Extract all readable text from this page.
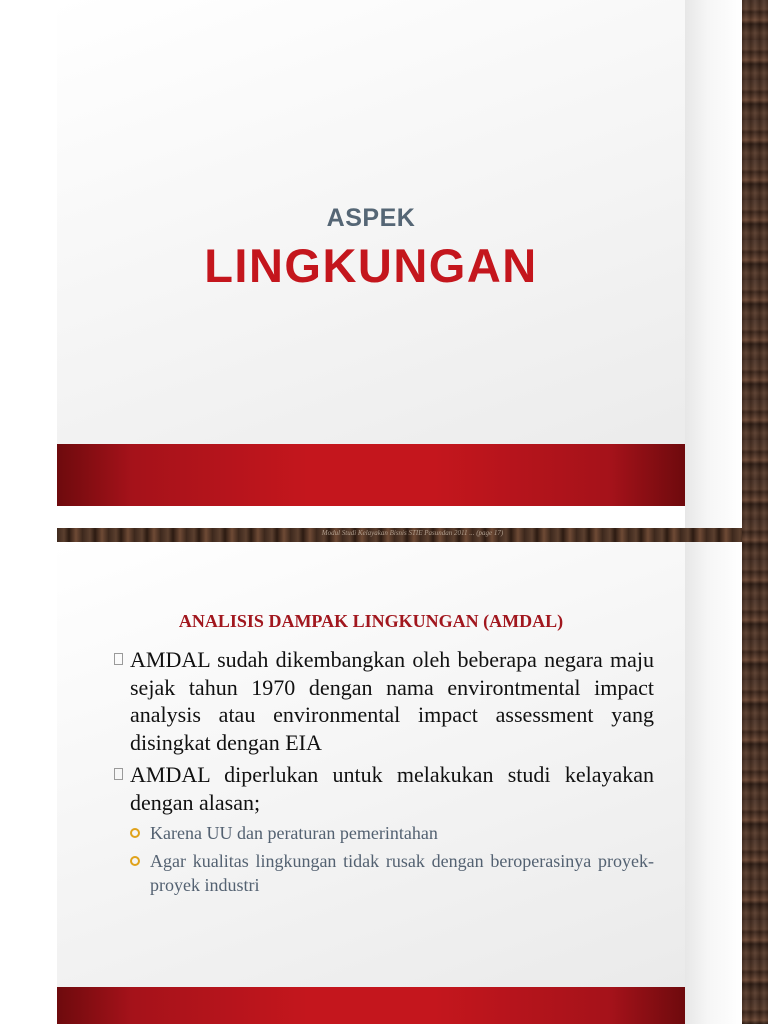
ASPEK
LINGKUNGAN
Modul Studi Kelayakan Bisnis STIE Pasundan 2011 ... (page 17)
ANALISIS DAMPAK LINGKUNGAN (AMDAL)
AMDAL sudah dikembangkan oleh beberapa negara maju sejak tahun 1970 dengan nama environtmental impact analysis atau environmental impact assessment yang disingkat dengan EIA
AMDAL diperlukan untuk melakukan studi kelayakan dengan alasan;
Karena UU dan peraturan pemerintahan
Agar kualitas lingkungan tidak rusak dengan beroperasinya proyek-proyek industri
